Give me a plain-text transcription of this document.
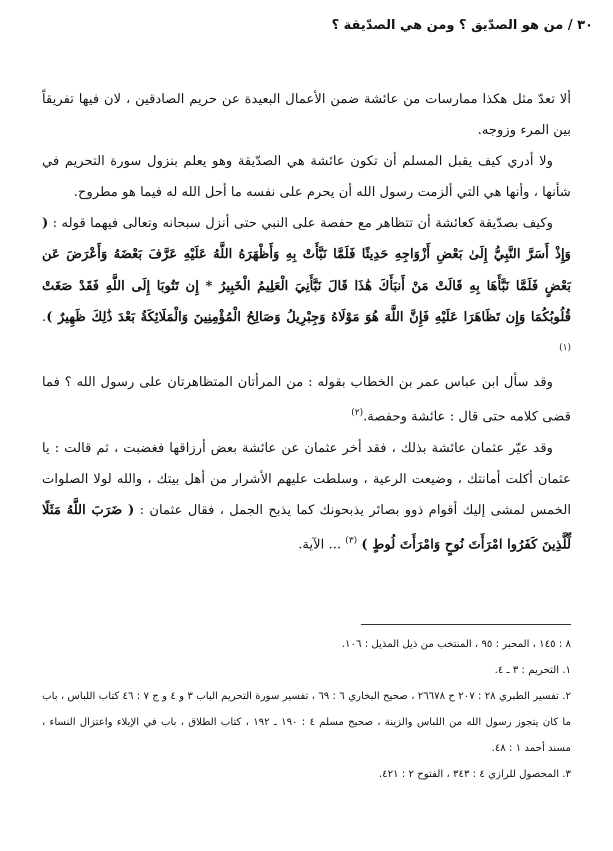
٣٠ / من هو الصدّيق ؟ ومن هي الصدّيقة ؟

ألا تعدّ مثل هكذا ممارسات من عائشة ضمن الأعمال البعيدة عن حريم الصادقين ، لان فيها تفريقاً بين المرء وزوجه.

ولا أدري كيف يقبل المسلم أن تكون عائشة هي الصدّيقة وهو يعلم بنزول سورة التحريم في شأنها ، وأنها هي التي ألزمت رسول الله أن يحرم على نفسه ما أحل الله له فيما هو مطروح.

وكيف بصدّيقة كعائشة أن تتظاهر مع حفصة على النبي حتى أنزل سبحانه وتعالى فيهما قوله : ( وَإِذْ أَسَرَّ النَّبِيُّ إِلَىٰ بَعْضِ أَزْوَاجِهِ حَدِيثًا فَلَمَّا نَبَّأَتْ بِهِ وَأَظْهَرَهُ اللَّهُ عَلَيْهِ عَرَّفَ بَعْضَهُ وَأَعْرَضَ عَن بَعْضٍ فَلَمَّا نَبَّأَهَا بِهِ قَالَتْ مَنْ أَنبَأَكَ هَٰذَا قَالَ نَبَّأَنِيَ الْعَلِيمُ الْخَبِيرُ * إِن تَتُوبَا إِلَى اللَّهِ فَقَدْ صَغَتْ قُلُوبُكُمَا وَإِن تَظَاهَرَا عَلَيْهِ فَإِنَّ اللَّهَ هُوَ مَوْلَاهُ وَجِبْرِيلُ وَصَالِحُ الْمُؤْمِنِينَ وَالْمَلَائِكَةُ بَعْدَ ذَٰلِكَ ظَهِيرٌ ). $^{(١)}$

وقد سأل ابن عباس عمر بن الخطاب بقوله : من المرأتان المتظاهرتان على رسول الله ؟ فما قضى كلامه حتى قال : عائشة وحفصة.$^{(٢)}$

وقد عيّر عثمان عائشة بذلك ، فقد أخر عثمان عن عائشة بعض أرزاقها فغضبت ، ثم قالت : يا عثمان أكلت أمانتك ، وضيعت الرعية ، وسلطت عليهم الأشرار من أهل بيتك ، والله لولا الصلوات الخمس لمشى إليك أقوام ذوو بصائر يذبحونك كما يذبح الجمل ، فقال عثمان : ( ضَرَبَ اللَّهُ مَثَلًا لِّلَّذِينَ كَفَرُوا امْرَأَتَ نُوحٍ وَامْرَأَتَ لُوطٍ ) $^{(٣)}$ ... الآية.

٨ : ١٤٥ ، المحبر : ٩٥ ، المنتخب من ذيل المذيل : ١٠٦.

١. التحريم : ٣ ـ ٤.

٢. تفسير الطبري ٢٨ : ٢٠٧ ح ٢٦٦٧٨ ، صحيح البخاري ٦ : ٦٩ ، تفسير سورة التحريم الباب ٣ و ٤ و ج ٧ : ٤٦ كتاب اللباس ، باب ما كان يتجوز رسول الله من اللباس والزينة ، صحيح مسلم ٤ : ١٩٠ ـ ١٩٢ ، كتاب الطلاق ، باب في الإيلاء واعتزال النساء ، مسند أحمد ١ : ٤٨.

٣. المحصول للرازي ٤ : ٣٤٣ ، الفتوح ٢ : ٤٢١.
